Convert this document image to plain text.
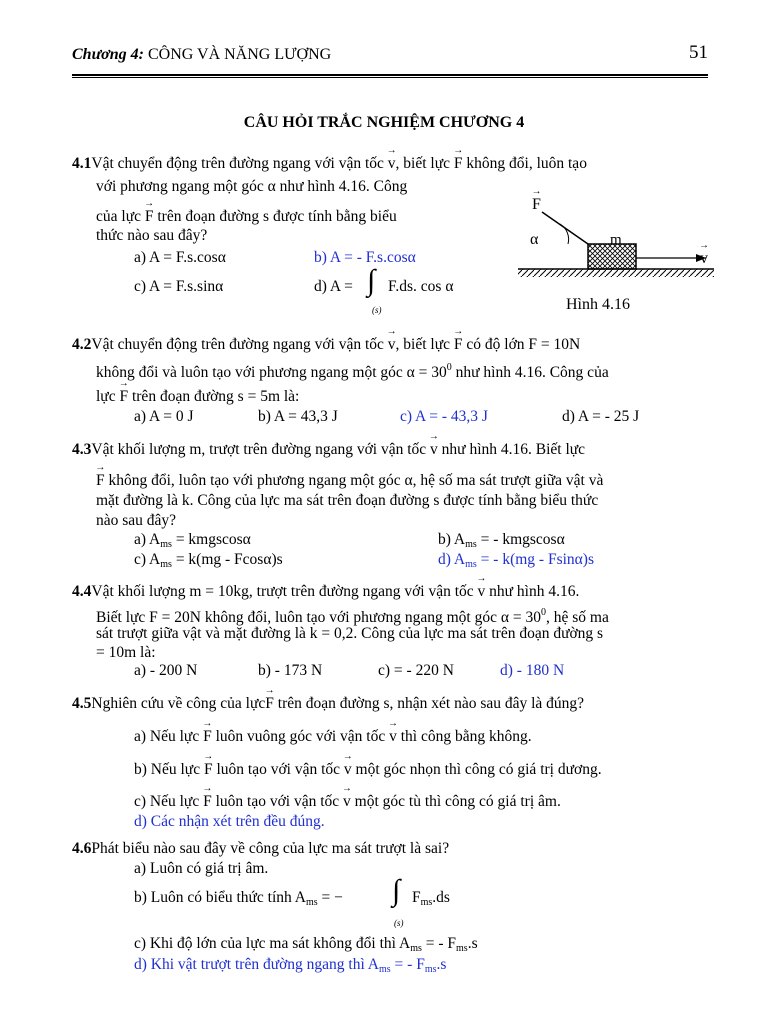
Chương 4: CÔNG VÀ NĂNG LƯỢNG	51
CÂU HỎI TRẮC NGHIỆM CHƯƠNG 4
→ F
α	m
→ v
Hình 4.16
4.1Vật chuyển động trên đường ngang với vận tốc → v, biết lực → F không đổi, luôn tạo
với phương ngang một góc α như hình 4.16. Công
của lực → F trên đoạn đường s được tính bằng biểu
thức nào sau đây?
a) A = F.s.cosα	b) A = - F.s.cosα
c) A = F.s.sinα	d) A = ∫
(s)
F.ds. cos α
4.2Vật chuyển động trên đường ngang với vận tốc → v, biết lực → F có độ lớn F = 10N
không đổi và luôn tạo với phương ngang một góc $\alpha = 30^0$ như hình 4.16. Công của
lực → F trên đoạn đường s = 5m là:
a) A = 0 J	b) A = 43,3 J	c) A = - 43,3 J	d) A = - 25 J
4.3Vật khối lượng m, trượt trên đường ngang với vận tốc → v như hình 4.16. Biết lực
→ F không đổi, luôn tạo với phương ngang một góc α, hệ số ma sát trượt giữa vật và
mặt đường là k. Công của lực ma sát trên đoạn đường s được tính bằng biểu thức
nào sau đây?
a) $A_{ms}$ = kmgscosα	b) $A_{ms}$ = - kmgscosα
c) $A_{ms} = k(mg - Fcos\alpha)s$	d) $A_{ms}$ = - k(mg - Fsinα)s
4.4Vật khối lượng m = 10kg, trượt trên đường ngang với vận tốc → v như hình 4.16.
Biết lực F = 20N không đổi, luôn tạo với phương ngang một góc $\alpha = 30^0$, hệ số ma
sát trượt giữa vật và mặt đường là k = 0,2. Công của lực ma sát trên đoạn đường s
= 10m là:
a) - 200 N	b) - 173 N	c) = - 220 N	d) - 180 N
4.5Nghiên cứu về công của lực→ F trên đoạn đường s, nhận xét nào sau đây là đúng?
a) Nếu lực → F luôn vuông góc với vận tốc → v thì công bằng không.
b) Nếu lực → F luôn tạo với vận tốc → v một góc nhọn thì công có giá trị dương.
c) Nếu lực → F luôn tạo với vận tốc → v một góc tù thì công có giá trị âm.
d) Các nhận xét trên đều đúng.
4.6Phát biểu nào sau đây về công của lực ma sát trượt là sai?
a) Luôn có giá trị âm.
b) Luôn có biểu thức tính $A_{ms}$ = − ∫
(s)
$F_{ms}.ds$
c) Khi độ lớn của lực ma sát không đổi thì $A_{ms}$ = - $F_{ms}.s$
d) Khi vật trượt trên đường ngang thì $A_{ms}$ = - $F_{ms}.s$
